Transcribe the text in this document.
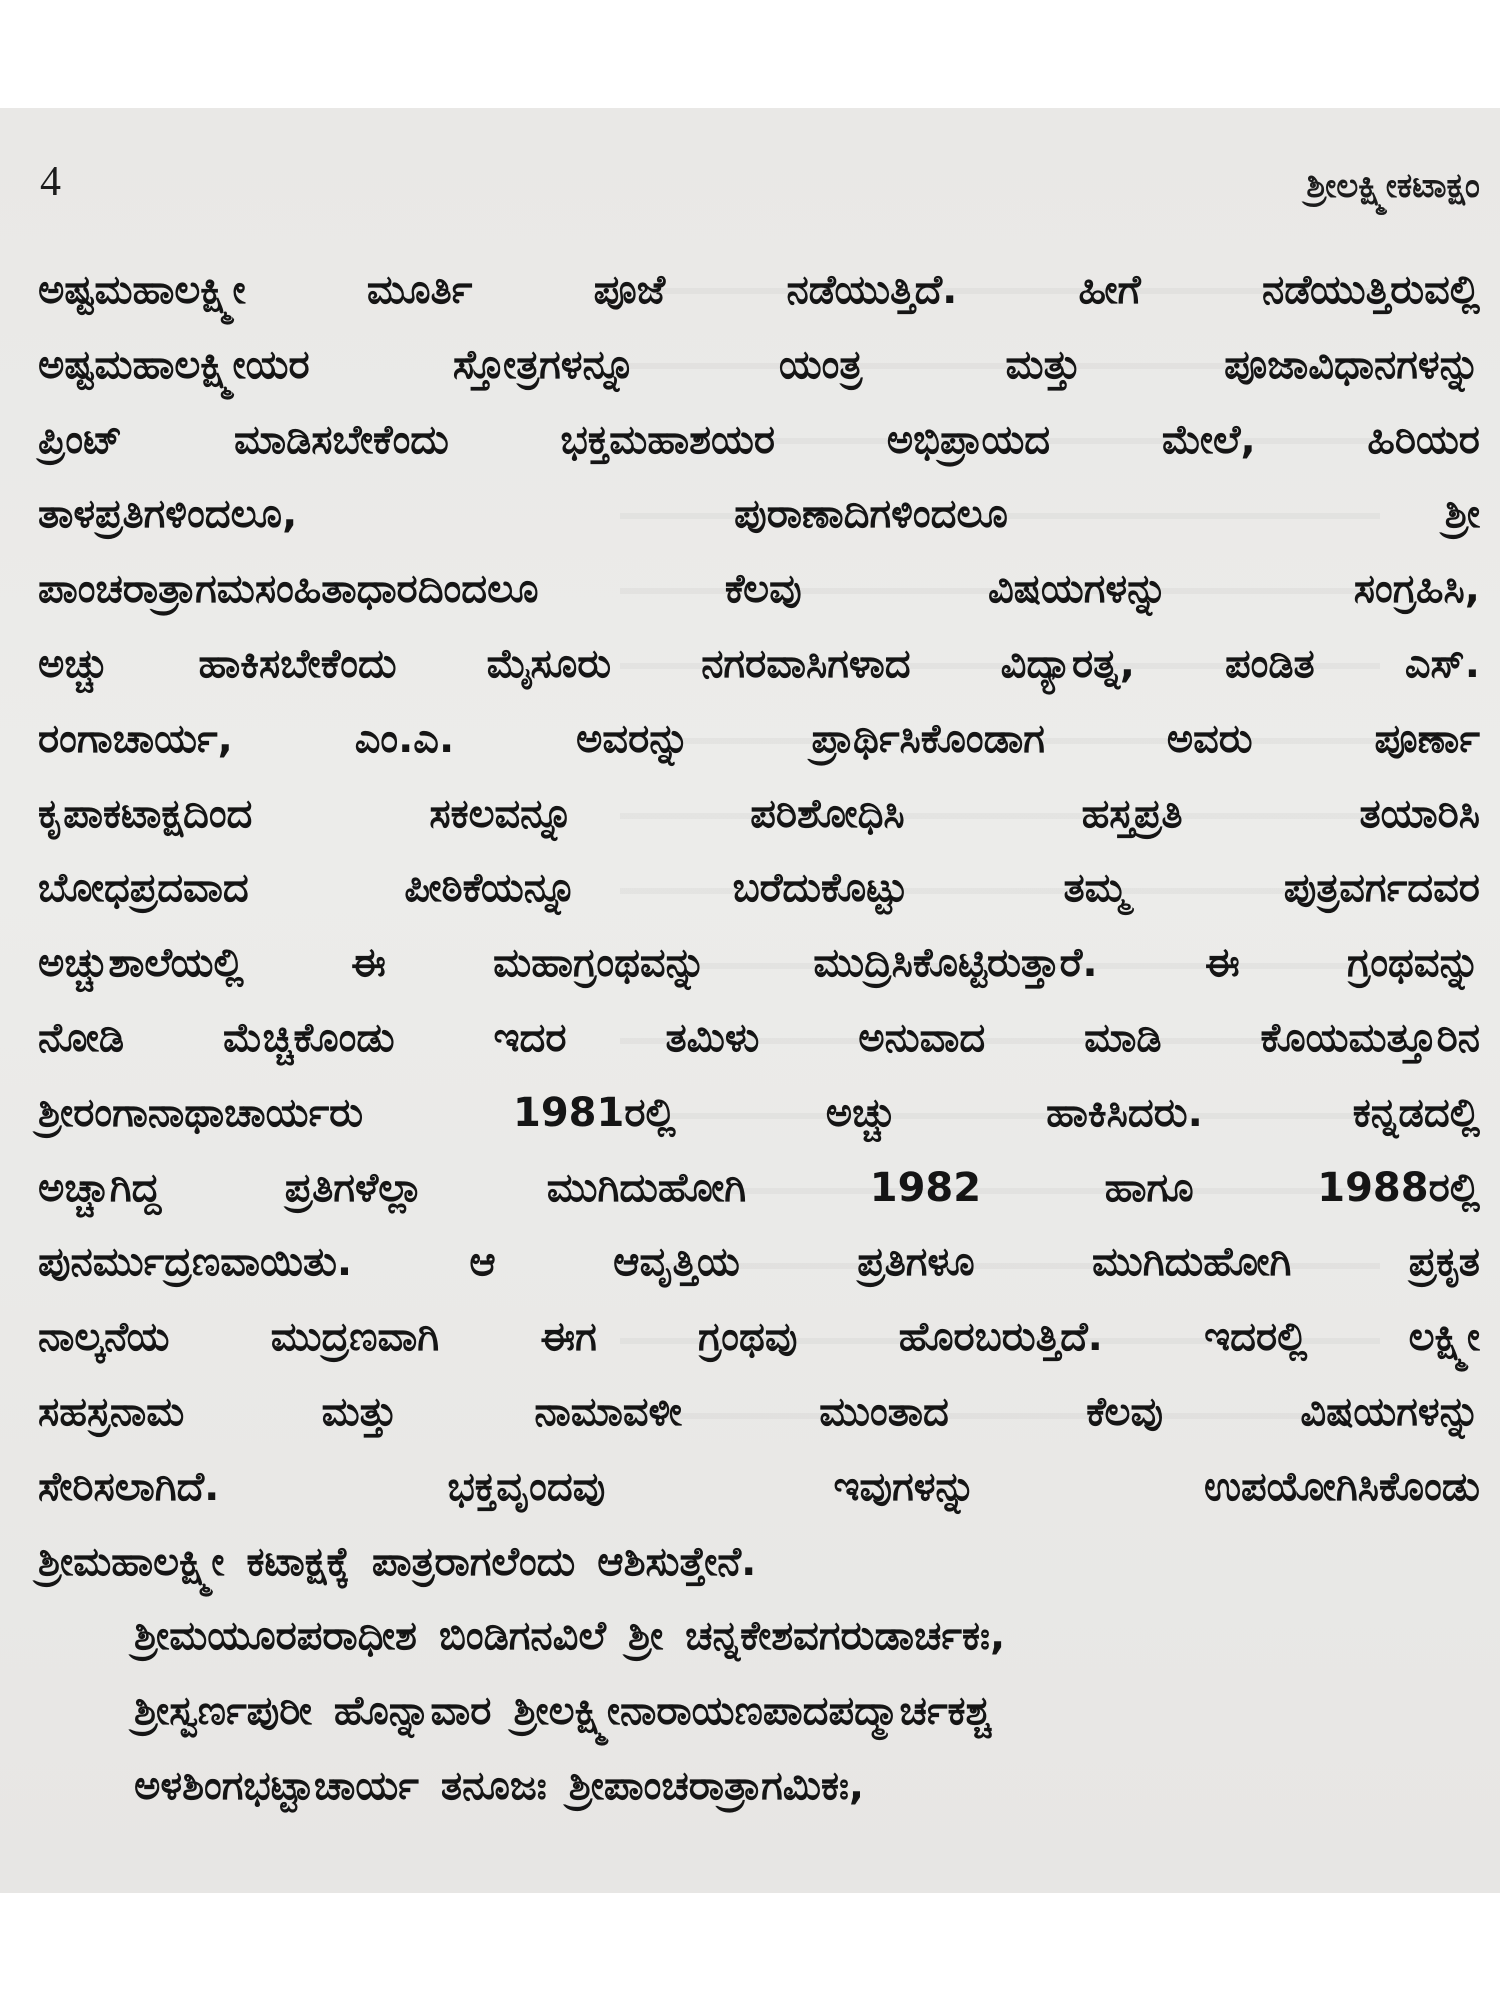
4	ಶ್ರೀಲಕ್ಷ್ಮೀಕಟಾಕ್ಷಂ
ಅಷ್ಟಮಹಾಲಕ್ಷ್ಮೀ	ಮೂರ್ತಿ	ಪೂಜೆ	ನಡೆಯುತ್ತಿದೆ.	ಹೀಗೆ	ನಡೆಯುತ್ತಿರುವಲ್ಲಿ
ಅಷ್ಟಮಹಾಲಕ್ಷ್ಮೀಯರ	ಸ್ತೋತ್ರಗಳನ್ನೂ	ಯಂತ್ರ	ಮತ್ತು	ಪೂಜಾವಿಧಾನಗಳನ್ನು
ಪ್ರಿಂಟ್	ಮಾಡಿಸಬೇಕೆಂದು	ಭಕ್ತಮಹಾಶಯರ	ಅಭಿಪ್ರಾಯದ	ಮೇಲೆ,	ಹಿರಿಯರ
ತಾಳಪ್ರತಿಗಳಿಂದಲೂ,	ಪುರಾಣಾದಿಗಳಿಂದಲೂ	ಶ್ರೀ
ಪಾಂಚರಾತ್ರಾಗಮಸಂಹಿತಾಧಾರದಿಂದಲೂ	ಕೆಲವು	ವಿಷಯಗಳನ್ನು	ಸಂಗ್ರಹಿಸಿ,
ಅಚ್ಚು ಹಾಕಿಸಬೇಕೆಂದು ಮೈಸೂರು ನಗರವಾಸಿಗಳಾದ ವಿದ್ಯಾರತ್ನ, ಪಂಡಿತ ಎಸ್.
ರಂಗಾಚಾರ್ಯ,	ಎಂ.ಎ.	ಅವರನ್ನು	ಪ್ರಾರ್ಥಿಸಿಕೊಂಡಾಗ	ಅವರು	ಪೂರ್ಣಾ
ಕೃಪಾಕಟಾಕ್ಷದಿಂದ	ಸಕಲವನ್ನೂ	ಪರಿಶೋಧಿಸಿ	ಹಸ್ತಪ್ರತಿ	ತಯಾರಿಸಿ
ಬೋಧಪ್ರದವಾದ	ಪೀಠಿಕೆಯನ್ನೂ	ಬರೆದುಕೊಟ್ಟು	ತಮ್ಮ	ಪುತ್ರವರ್ಗದವರ
ಅಚ್ಚುಶಾಲೆಯಲ್ಲಿ	ಈ	ಮಹಾಗ್ರಂಥವನ್ನು	ಮುದ್ರಿಸಿಕೊಟ್ಟಿರುತ್ತಾರೆ.	ಈ	ಗ್ರಂಥವನ್ನು
ನೋಡಿ ಮೆಚ್ಚಿಕೊಂಡು ಇದರ ತಮಿಳು ಅನುವಾದ ಮಾಡಿ ಕೊಯಮತ್ತೂರಿನ
ಶ್ರೀರಂಗಾನಾಥಾಚಾರ್ಯರು	1981ರಲ್ಲಿ	ಅಚ್ಚು	ಹಾಕಿಸಿದರು.	ಕನ್ನಡದಲ್ಲಿ
ಅಚ್ಚಾಗಿದ್ದ	ಪ್ರತಿಗಳೆಲ್ಲಾ	ಮುಗಿದುಹೋಗಿ	1982	ಹಾಗೂ	1988ರಲ್ಲಿ
ಪುನರ್ಮುದ್ರಣವಾಯಿತು.	ಆ	ಆವೃತ್ತಿಯ	ಪ್ರತಿಗಳೂ	ಮುಗಿದುಹೋಗಿ	ಪ್ರಕೃತ
ನಾಲ್ಕನೆಯ	ಮುದ್ರಣವಾಗಿ	ಈಗ	ಗ್ರಂಥವು	ಹೊರಬರುತ್ತಿದೆ.	ಇದರಲ್ಲಿ	ಲಕ್ಷ್ಮೀ
ಸಹಸ್ರನಾಮ	ಮತ್ತು	ನಾಮಾವಳೀ	ಮುಂತಾದ	ಕೆಲವು	ವಿಷಯಗಳನ್ನು
ಸೇರಿಸಲಾಗಿದೆ.	ಭಕ್ತವೃಂದವು	ಇವುಗಳನ್ನು	ಉಪಯೋಗಿಸಿಕೊಂಡು
ಶ್ರೀಮಹಾಲಕ್ಷ್ಮೀ ಕಟಾಕ್ಷಕ್ಕೆ ಪಾತ್ರರಾಗಲೆಂದು ಆಶಿಸುತ್ತೇನೆ.
ಶ್ರೀಮಯೂರಪರಾಧೀಶ ಬಿಂಡಿಗನವಿಲೆ ಶ್ರೀ ಚನ್ನಕೇಶವಗರುಡಾರ್ಚಕಃ,
ಶ್ರೀಸ್ವರ್ಣಪುರೀ ಹೊನ್ನಾವಾರ ಶ್ರೀಲಕ್ಷ್ಮೀನಾರಾಯಣಪಾದಪದ್ಮಾರ್ಚಕಶ್ಚ
ಅಳಶಿಂಗಭಟ್ಟಾಚಾರ್ಯ ತನೂಜಃ ಶ್ರೀಪಾಂಚರಾತ್ರಾಗಮಿಕಃ,
